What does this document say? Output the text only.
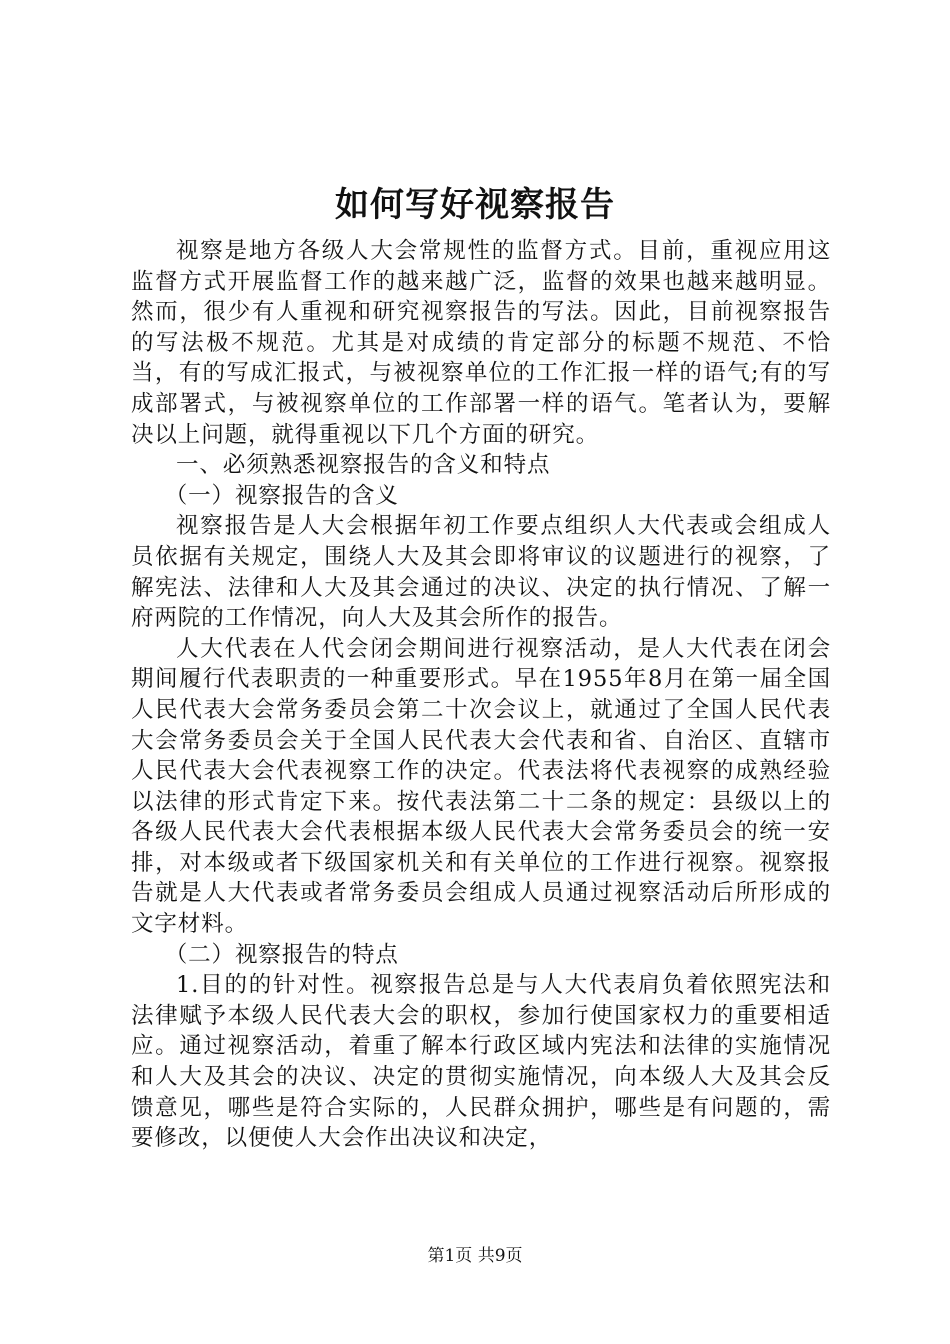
如何写好视察报告

视察是地方各级人大会常规性的监督方式。目前，重视应用这监督方式开展监督工作的越来越广泛，监督的效果也越来越明显。然而，很少有人重视和研究视察报告的写法。因此，目前视察报告的写法极不规范。尤其是对成绩的肯定部分的标题不规范、不恰当，有的写成汇报式，与被视察单位的工作汇报一样的语气;有的写成部署式，与被视察单位的工作部署一样的语气。笔者认为，要解决以上问题，就得重视以下几个方面的研究。

一、必须熟悉视察报告的含义和特点

（一）视察报告的含义

视察报告是人大会根据年初工作要点组织人大代表或会组成人员依据有关规定，围绕人大及其会即将审议的议题进行的视察，了解宪法、法律和人大及其会通过的决议、决定的执行情况、了解一府两院的工作情况，向人大及其会所作的报告。

人大代表在人代会闭会期间进行视察活动，是人大代表在闭会期间履行代表职责的一种重要形式。早在1955年8月在第一届全国人民代表大会常务委员会第二十次会议上，就通过了全国人民代表大会常务委员会关于全国人民代表大会代表和省、自治区、直辖市人民代表大会代表视察工作的决定。代表法将代表视察的成熟经验以法律的形式肯定下来。按代表法第二十二条的规定：县级以上的各级人民代表大会代表根据本级人民代表大会常务委员会的统一安排，对本级或者下级国家机关和有关单位的工作进行视察。视察报告就是人大代表或者常务委员会组成人员通过视察活动后所形成的文字材料。

（二）视察报告的特点

1.目的的针对性。视察报告总是与人大代表肩负着依照宪法和法律赋予本级人民代表大会的职权，参加行使国家权力的重要相适应。通过视察活动，着重了解本行政区域内宪法和法律的实施情况和人大及其会的决议、决定的贯彻实施情况，向本级人大及其会反馈意见，哪些是符合实际的，人民群众拥护，哪些是有问题的，需要修改，以便使人大会作出决议和决定，

第1页 共9页
